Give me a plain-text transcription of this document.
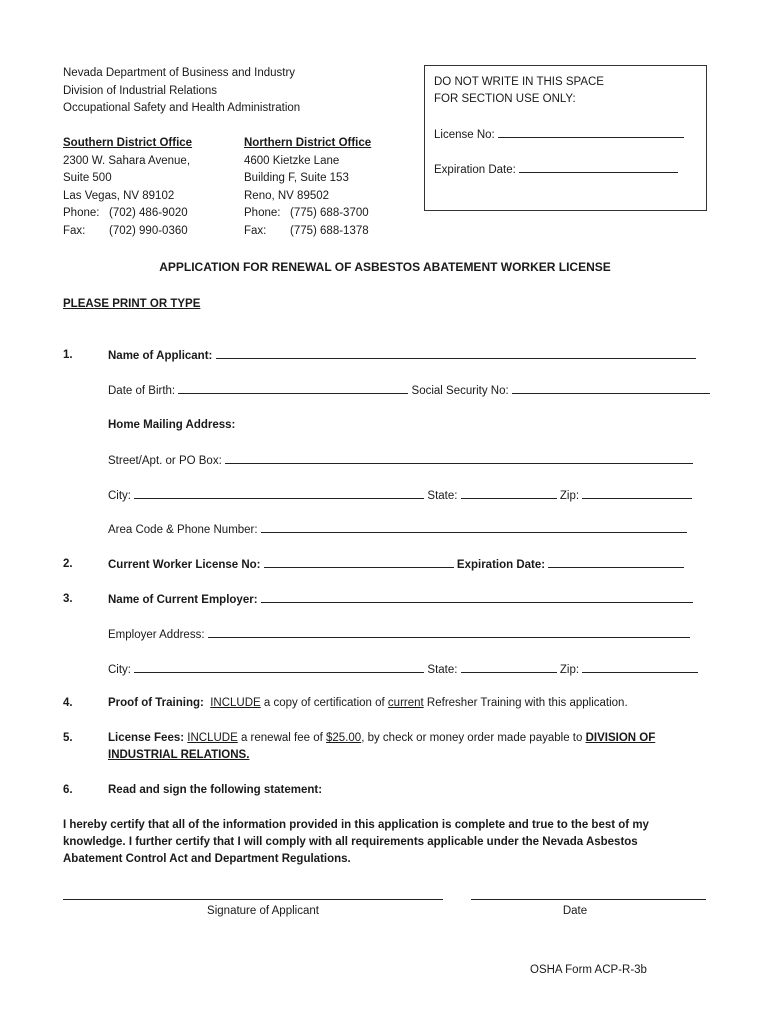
Nevada Department of Business and Industry
Division of Industrial Relations
Occupational Safety and Health Administration
Southern District Office
2300 W. Sahara Avenue,
Suite 500
Las Vegas, NV 89102
Phone: (702) 486-9020
Fax: (702) 990-0360
Northern District Office
4600 Kietzke Lane
Building F, Suite 153
Reno, NV 89502
Phone: (775) 688-3700
Fax: (775) 688-1378
DO NOT WRITE IN THIS SPACE
FOR SECTION USE ONLY:
License No:
Expiration Date:
APPLICATION FOR RENEWAL OF ASBESTOS ABATEMENT WORKER LICENSE
PLEASE PRINT OR TYPE
1.	Name of Applicant:
Date of Birth:	Social Security No:
Home Mailing Address:
Street/Apt. or PO Box:
City:	State:	Zip:
Area Code & Phone Number:
2.	Current Worker License No:	Expiration Date:
3.	Name of Current Employer:
Employer Address:
City:	State:	Zip:
4.	Proof of Training: INCLUDE a copy of certification of current Refresher Training with this application.
5.	License Fees: INCLUDE a renewal fee of $25.00, by check or money order made payable to DIVISION OF
INDUSTRIAL RELATIONS.
6.	Read and sign the following statement:
I hereby certify that all of the information provided in this application is complete and true to the best of my
knowledge. I further certify that I will comply with all requirements applicable under the Nevada Asbestos
Abatement Control Act and Department Regulations.
Signature of Applicant	Date
OSHA Form ACP-R-3b
